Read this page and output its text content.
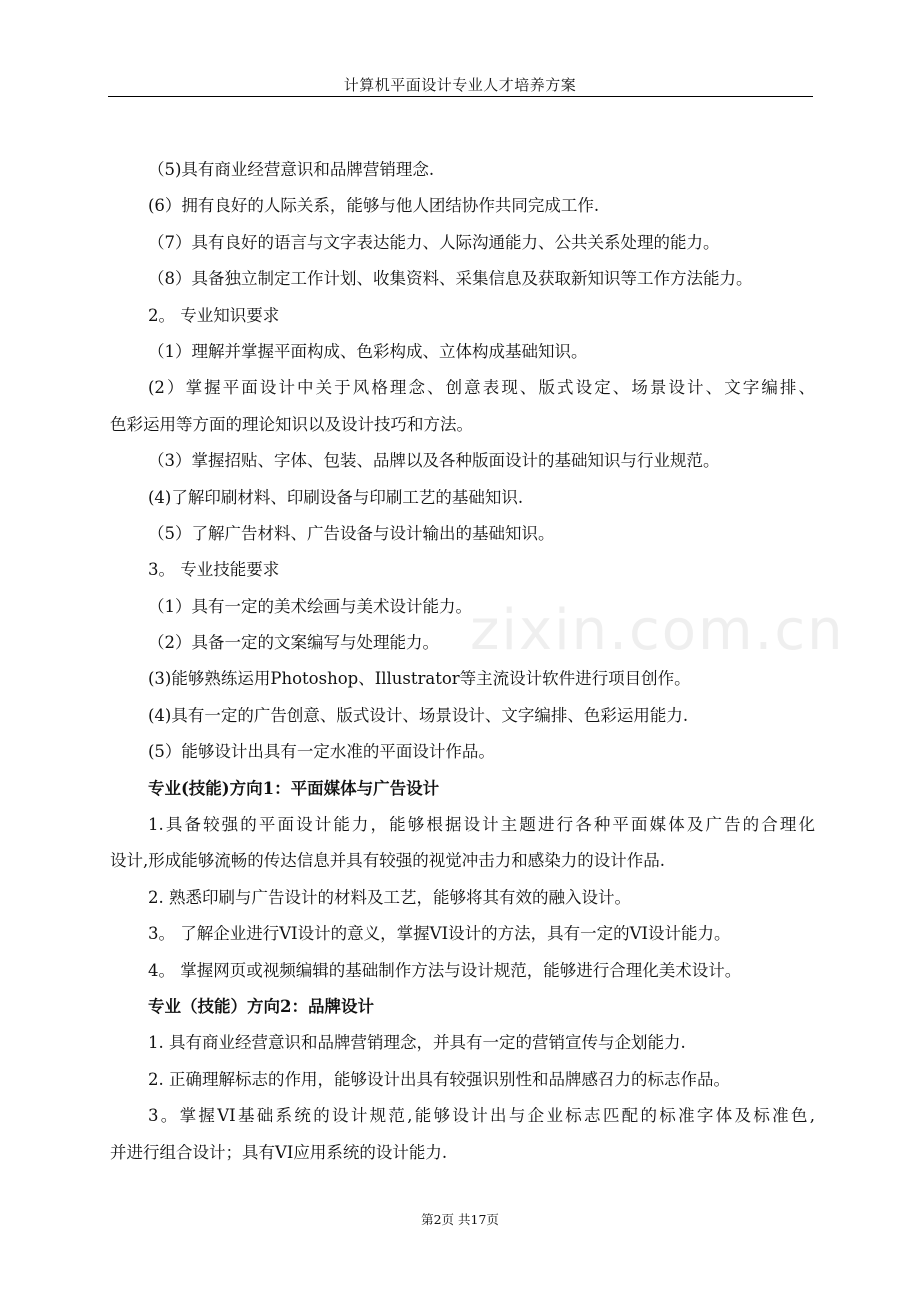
计算机平面设计专业人才培养方案
（5)具有商业经营意识和品牌营销理念.
(6）拥有良好的人际关系，能够与他人团结协作共同完成工作.
（7）具有良好的语言与文字表达能力、人际沟通能力、公共关系处理的能力。
（8）具备独立制定工作计划、收集资料、采集信息及获取新知识等工作方法能力。
2。 专业知识要求
（1）理解并掌握平面构成、色彩构成、立体构成基础知识。
(2）掌握平面设计中关于风格理念、创意表现、版式设定、场景设计、文字编排、
色彩运用等方面的理论知识以及设计技巧和方法。
（3）掌握招贴、字体、包装、品牌以及各种版面设计的基础知识与行业规范。
(4)了解印刷材料、印刷设备与印刷工艺的基础知识.
（5）了解广告材料、广告设备与设计输出的基础知识。
3。 专业技能要求
（1）具有一定的美术绘画与美术设计能力。
（2）具备一定的文案编写与处理能力。
(3)能够熟练运用Photoshop、Illustrator等主流设计软件进行项目创作。
(4)具有一定的广告创意、版式设计、场景设计、文字编排、色彩运用能力.
(5）能够设计出具有一定水准的平面设计作品。
专业(技能)方向1：平面媒体与广告设计
1.具备较强的平面设计能力，能够根据设计主题进行各种平面媒体及广告的合理化
设计,形成能够流畅的传达信息并具有较强的视觉冲击力和感染力的设计作品.
2. 熟悉印刷与广告设计的材料及工艺，能够将其有效的融入设计。
3。 了解企业进行VI设计的意义，掌握VI设计的方法，具有一定的VI设计能力。
4。 掌握网页或视频编辑的基础制作方法与设计规范，能够进行合理化美术设计。
专业（技能）方向2：品牌设计
1. 具有商业经营意识和品牌营销理念，并具有一定的营销宣传与企划能力.
2. 正确理解标志的作用，能够设计出具有较强识别性和品牌感召力的标志作品。
3。掌握VI基础系统的设计规范,能够设计出与企业标志匹配的标准字体及标准色,
并进行组合设计；具有VI应用系统的设计能力.
zixin.com.cn
第2页 共17页
